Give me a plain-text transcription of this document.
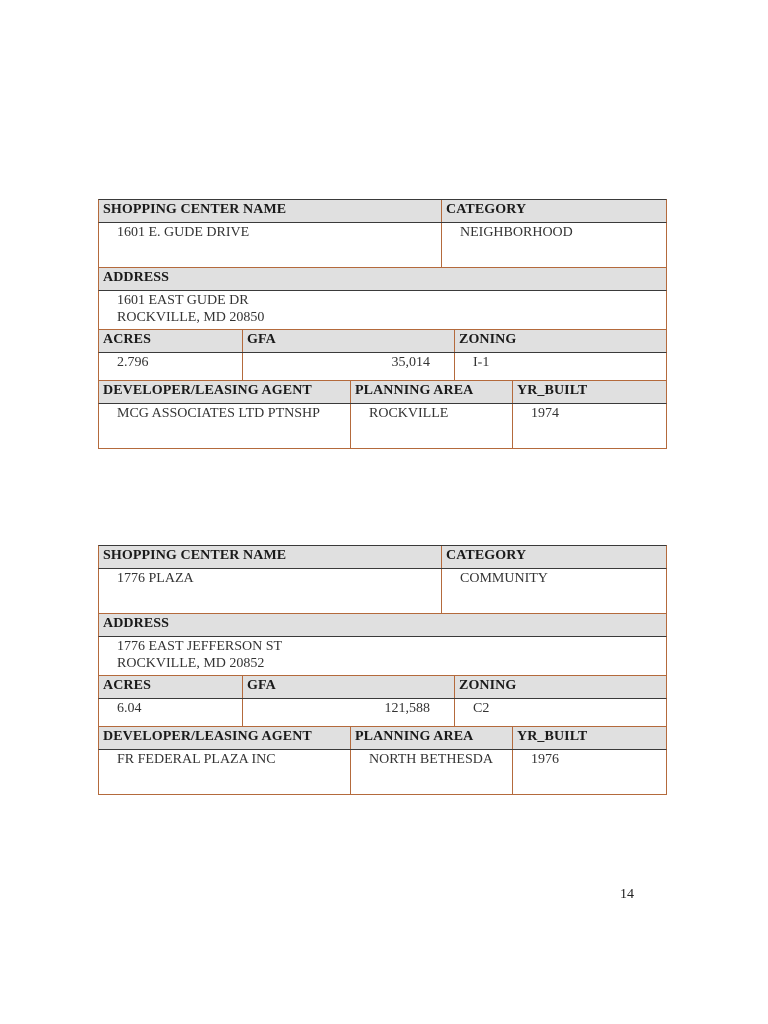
SHOPPING CENTER NAME	CATEGORY
1601 E. GUDE DRIVE	NEIGHBORHOOD
ADDRESS
1601 EAST GUDE DR
ROCKVILLE, MD 20850
ACRES	GFA	ZONING
2.796	35,014	I-1
DEVELOPER/LEASING AGENT	PLANNING AREA	YR_BUILT
MCG ASSOCIATES LTD PTNSHP	ROCKVILLE	1974
SHOPPING CENTER NAME	CATEGORY
1776 PLAZA	COMMUNITY
ADDRESS
1776 EAST JEFFERSON ST
ROCKVILLE, MD 20852
ACRES	GFA	ZONING
6.04	121,588	C2
DEVELOPER/LEASING AGENT	PLANNING AREA	YR_BUILT
FR FEDERAL PLAZA INC	NORTH BETHESDA	1976
14
